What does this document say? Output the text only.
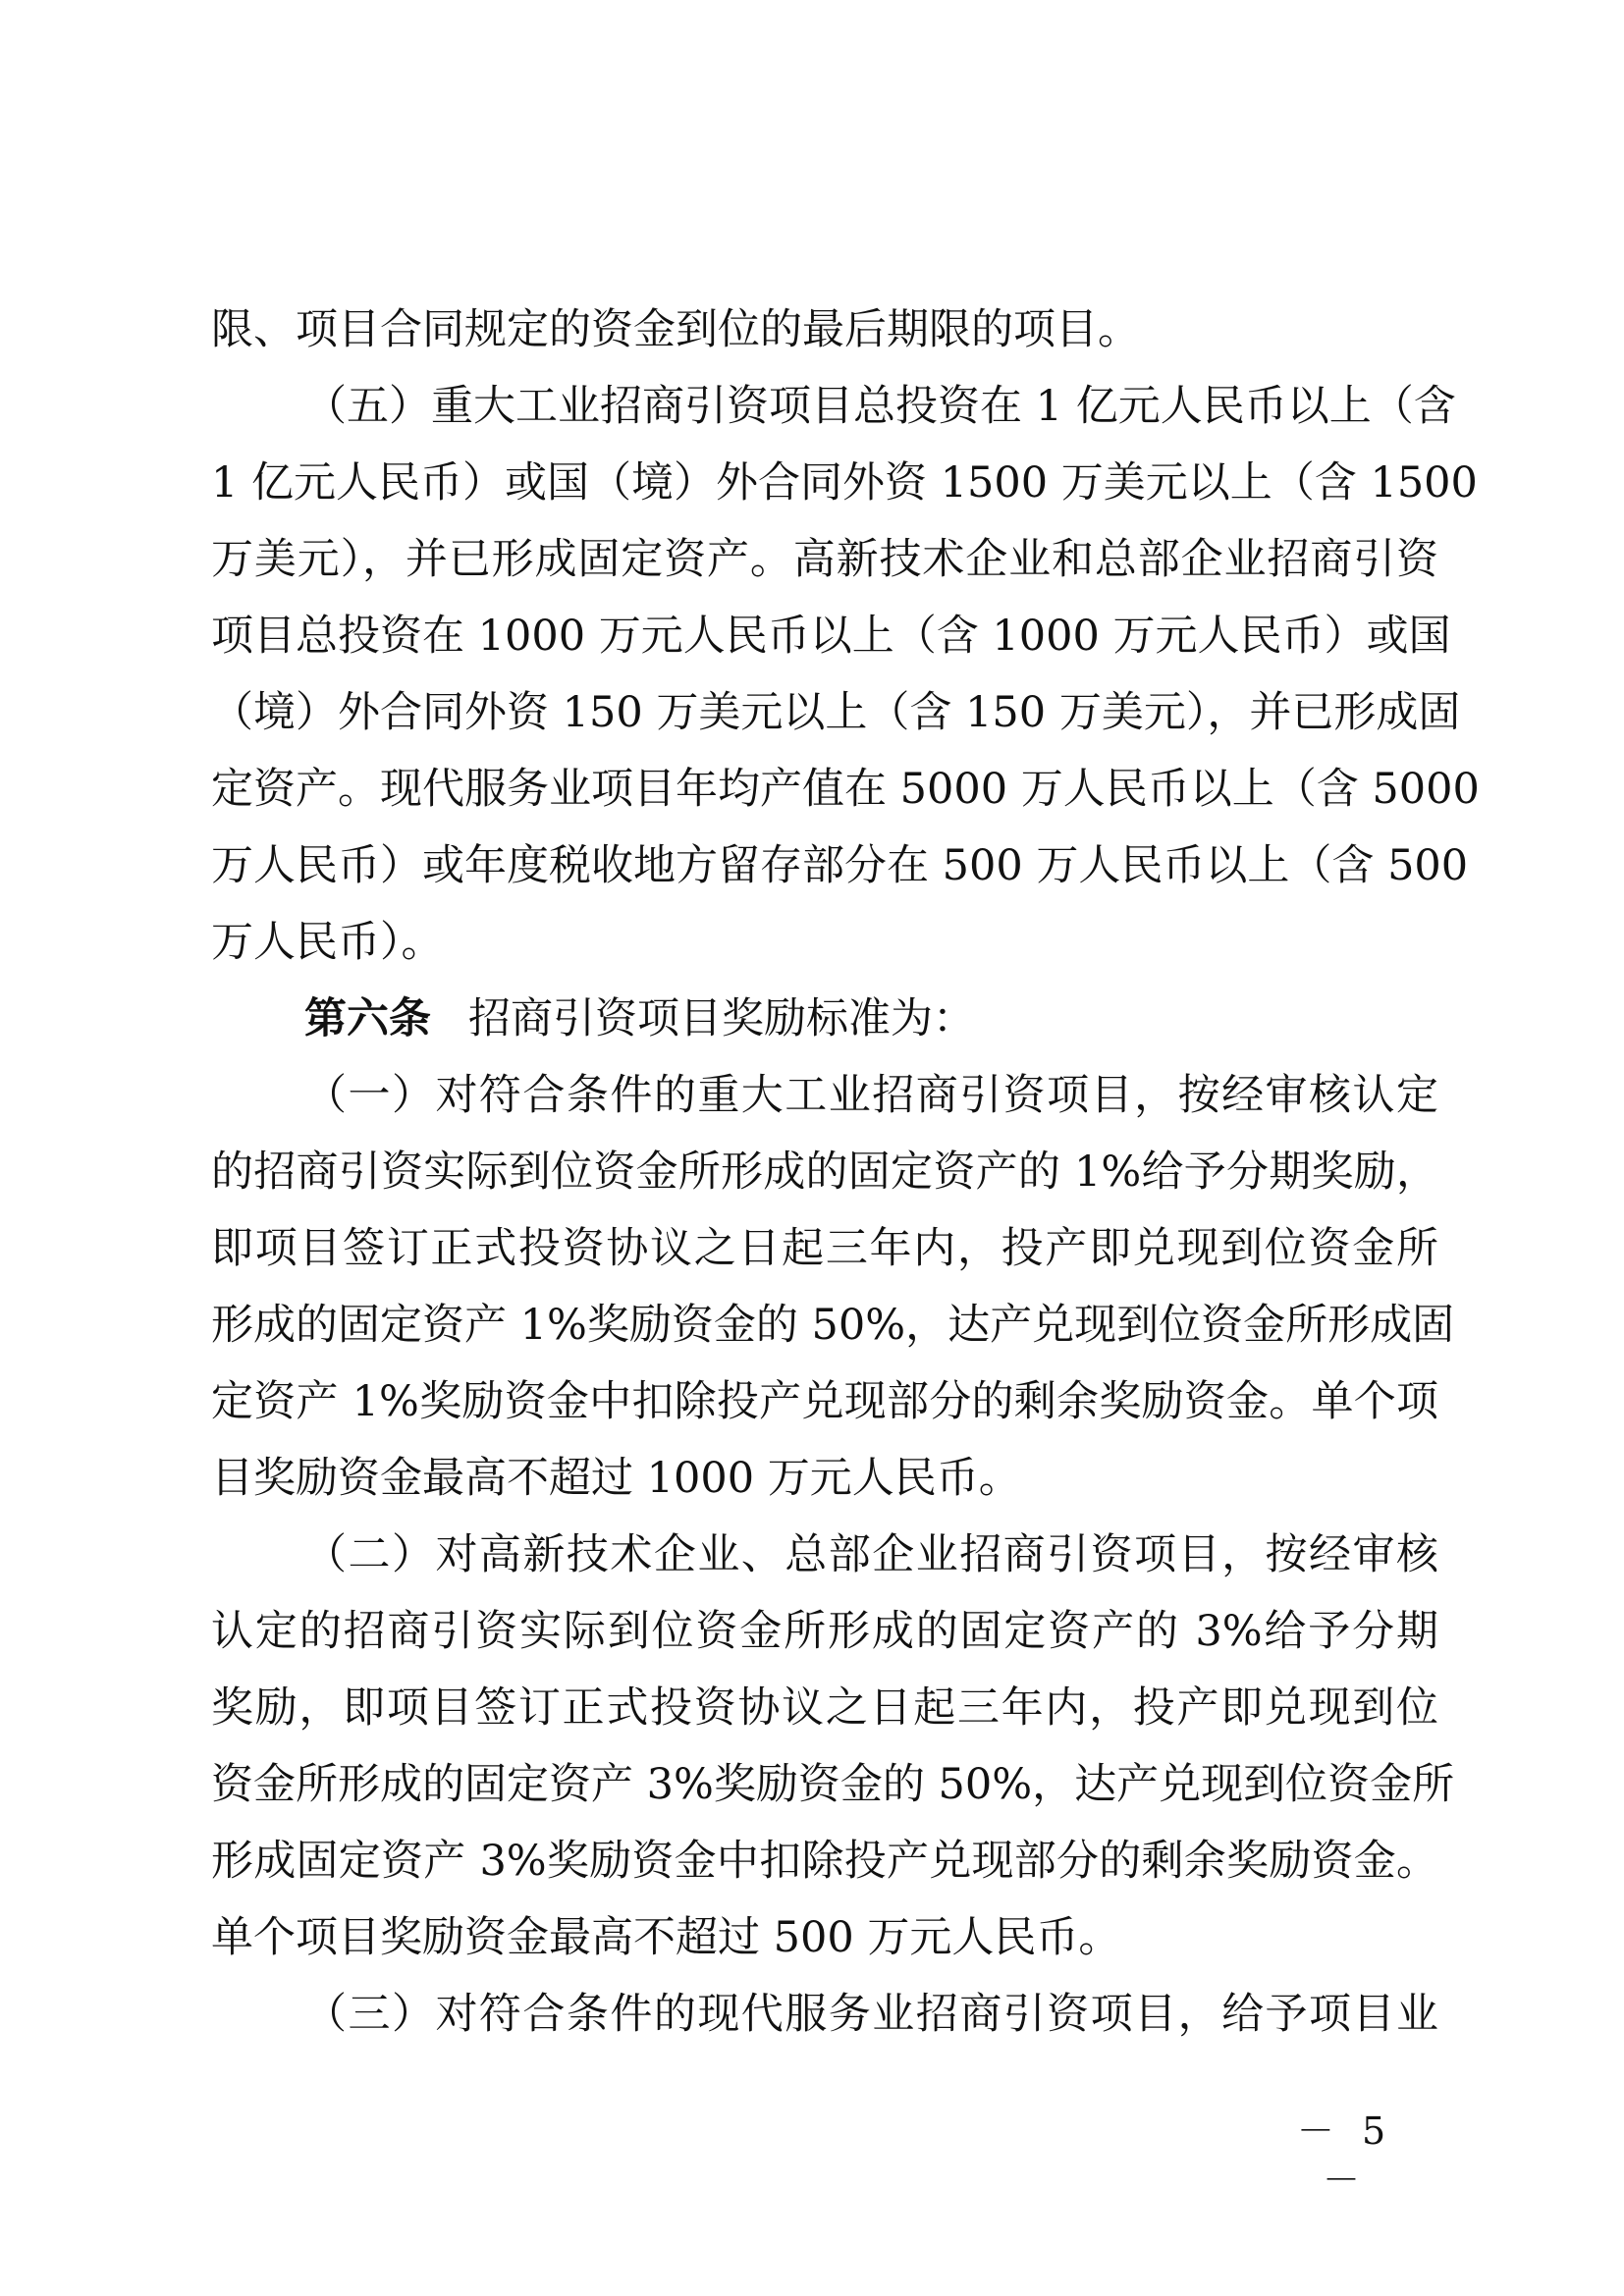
限、项目合同规定的资金到位的最后期限的项目。
（五）重大工业招商引资项目总投资在 1 亿元人民币以上（含
1 亿元人民币）或国（境）外合同外资 1500 万美元以上（含 1500
万美元），并已形成固定资产。高新技术企业和总部企业招商引资
项目总投资在 1000 万元人民币以上（含 1000 万元人民币）或国
（境）外合同外资 150 万美元以上（含 150 万美元），并已形成固
定资产。现代服务业项目年均产值在 5000 万人民币以上（含 5000
万人民币）或年度税收地方留存部分在 500 万人民币以上（含 500
万人民币）。
第六条 招商引资项目奖励标准为：
（一）对符合条件的重大工业招商引资项目，按经审核认定
的招商引资实际到位资金所形成的固定资产的 1%给予分期奖励，
即项目签订正式投资协议之日起三年内，投产即兑现到位资金所
形成的固定资产 1%奖励资金的 50%，达产兑现到位资金所形成固
定资产 1%奖励资金中扣除投产兑现部分的剩余奖励资金。单个项
目奖励资金最高不超过 1000 万元人民币。
（二）对高新技术企业、总部企业招商引资项目，按经审核
认定的招商引资实际到位资金所形成的固定资产的 3%给予分期
奖励，即项目签订正式投资协议之日起三年内，投产即兑现到位
资金所形成的固定资产 3%奖励资金的 50%，达产兑现到位资金所
形成固定资产 3%奖励资金中扣除投产兑现部分的剩余奖励资金。
单个项目奖励资金最高不超过 500 万元人民币。
（三）对符合条件的现代服务业招商引资项目，给予项目业
－ 5 －
